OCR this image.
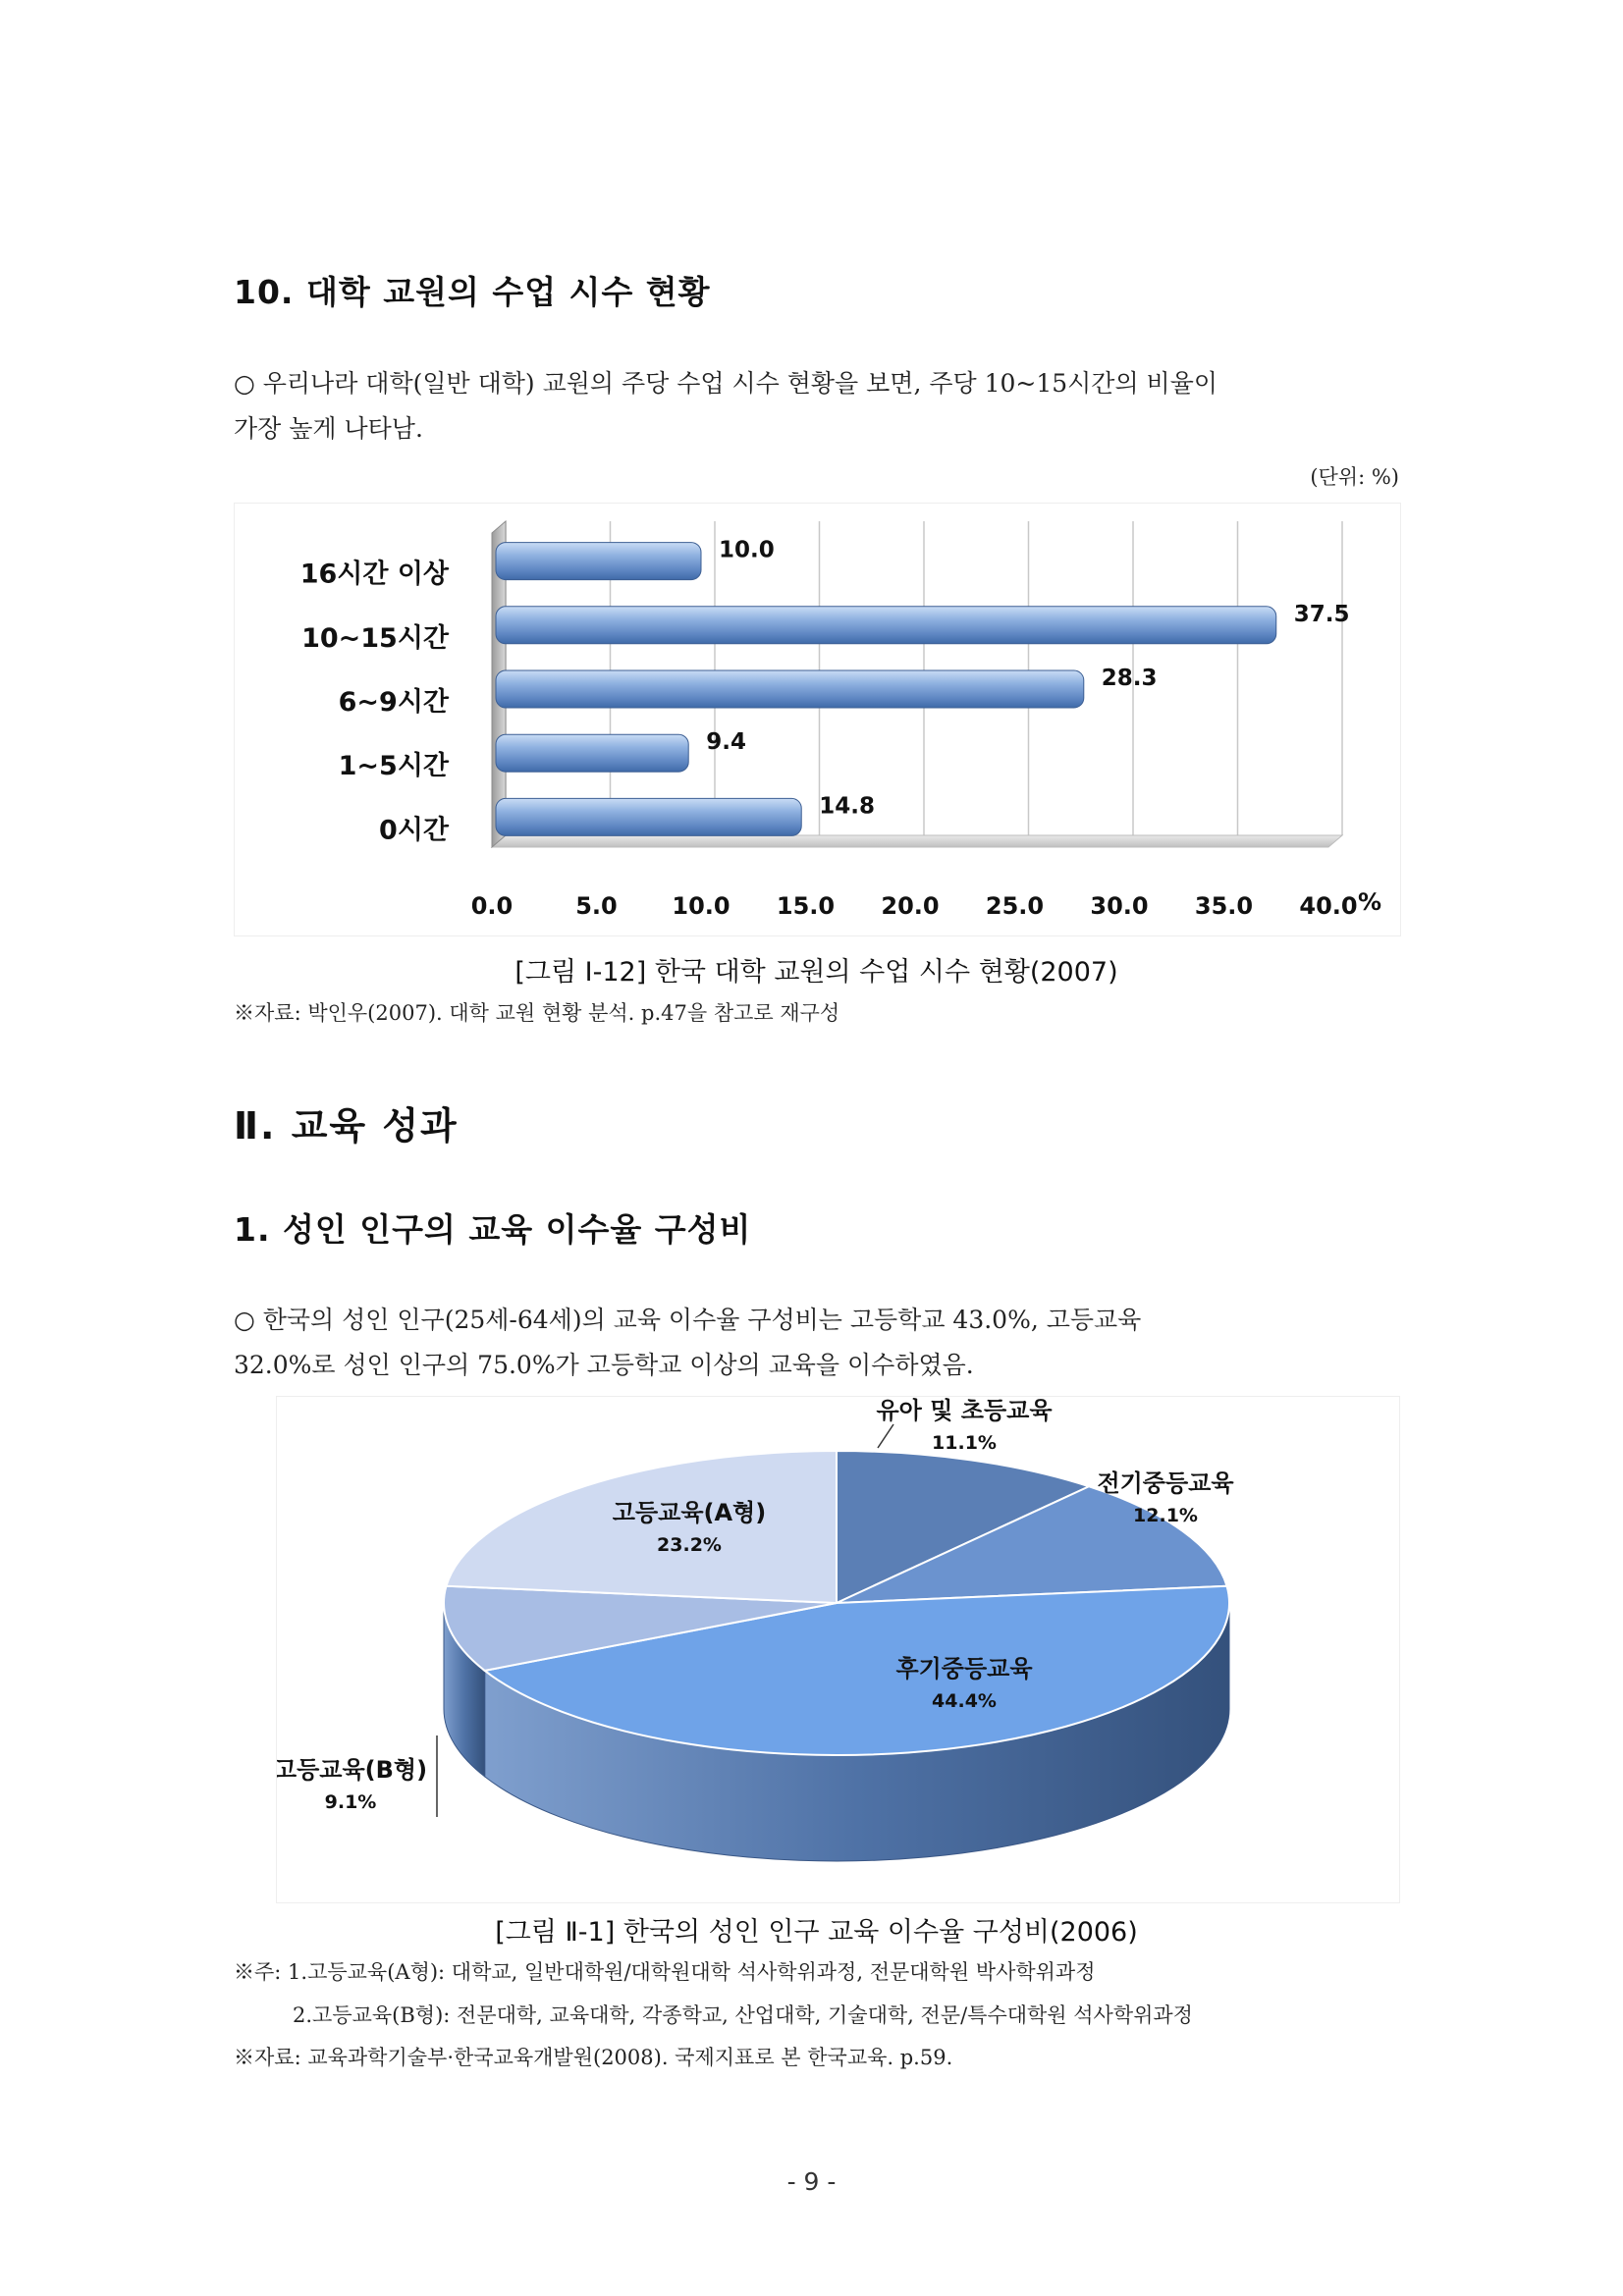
10. 대학 교원의 수업 시수 현황
○ 우리나라 대학(일반 대학) 교원의 주당 수업 시수 현황을 보면, 주당 10~15시간의 비율이
가장 높게 나타남.
(단위: %)
16시간 이상
10~15시간
6~9시간
1~5시간
0시간
10.0
37.5
28.3
9.4
14.8
0.0	5.0 10.0 15.0 20.0 25.0 30.0 35.0 40.0 %
[그림 Ⅰ-12] 한국 대학 교원의 수업 시수 현황(2007)
※자료: 박인우(2007). 대학 교원 현황 분석. p.47을 참고로 재구성
Ⅱ. 교육 성과
1. 성인 인구의 교육 이수율 구성비
○ 한국의 성인 인구(25세-64세)의 교육 이수율 구성비는 고등학교 43.0%, 고등교육
32.0%로 성인 인구의 75.0%가 고등학교 이상의 교육을 이수하였음.
유아 및 초등교육
11.1%
전기중등교육
12.1%
후기중등교육
44.4%
고등교육(B형)
9.1%
고등교육(A형)
23.2%
[그림 Ⅱ-1] 한국의 성인 인구 교육 이수율 구성비(2006)
※주: 1.고등교육(A형): 대학교, 일반대학원/대학원대학 석사학위과정, 전문대학원 박사학위과정
2.고등교육(B형): 전문대학, 교육대학, 각종학교, 산업대학, 기술대학, 전문/특수대학원 석사학위과정
※자료: 교육과학기술부·한국교육개발원(2008). 국제지표로 본 한국교육. p.59.
- 9 -
